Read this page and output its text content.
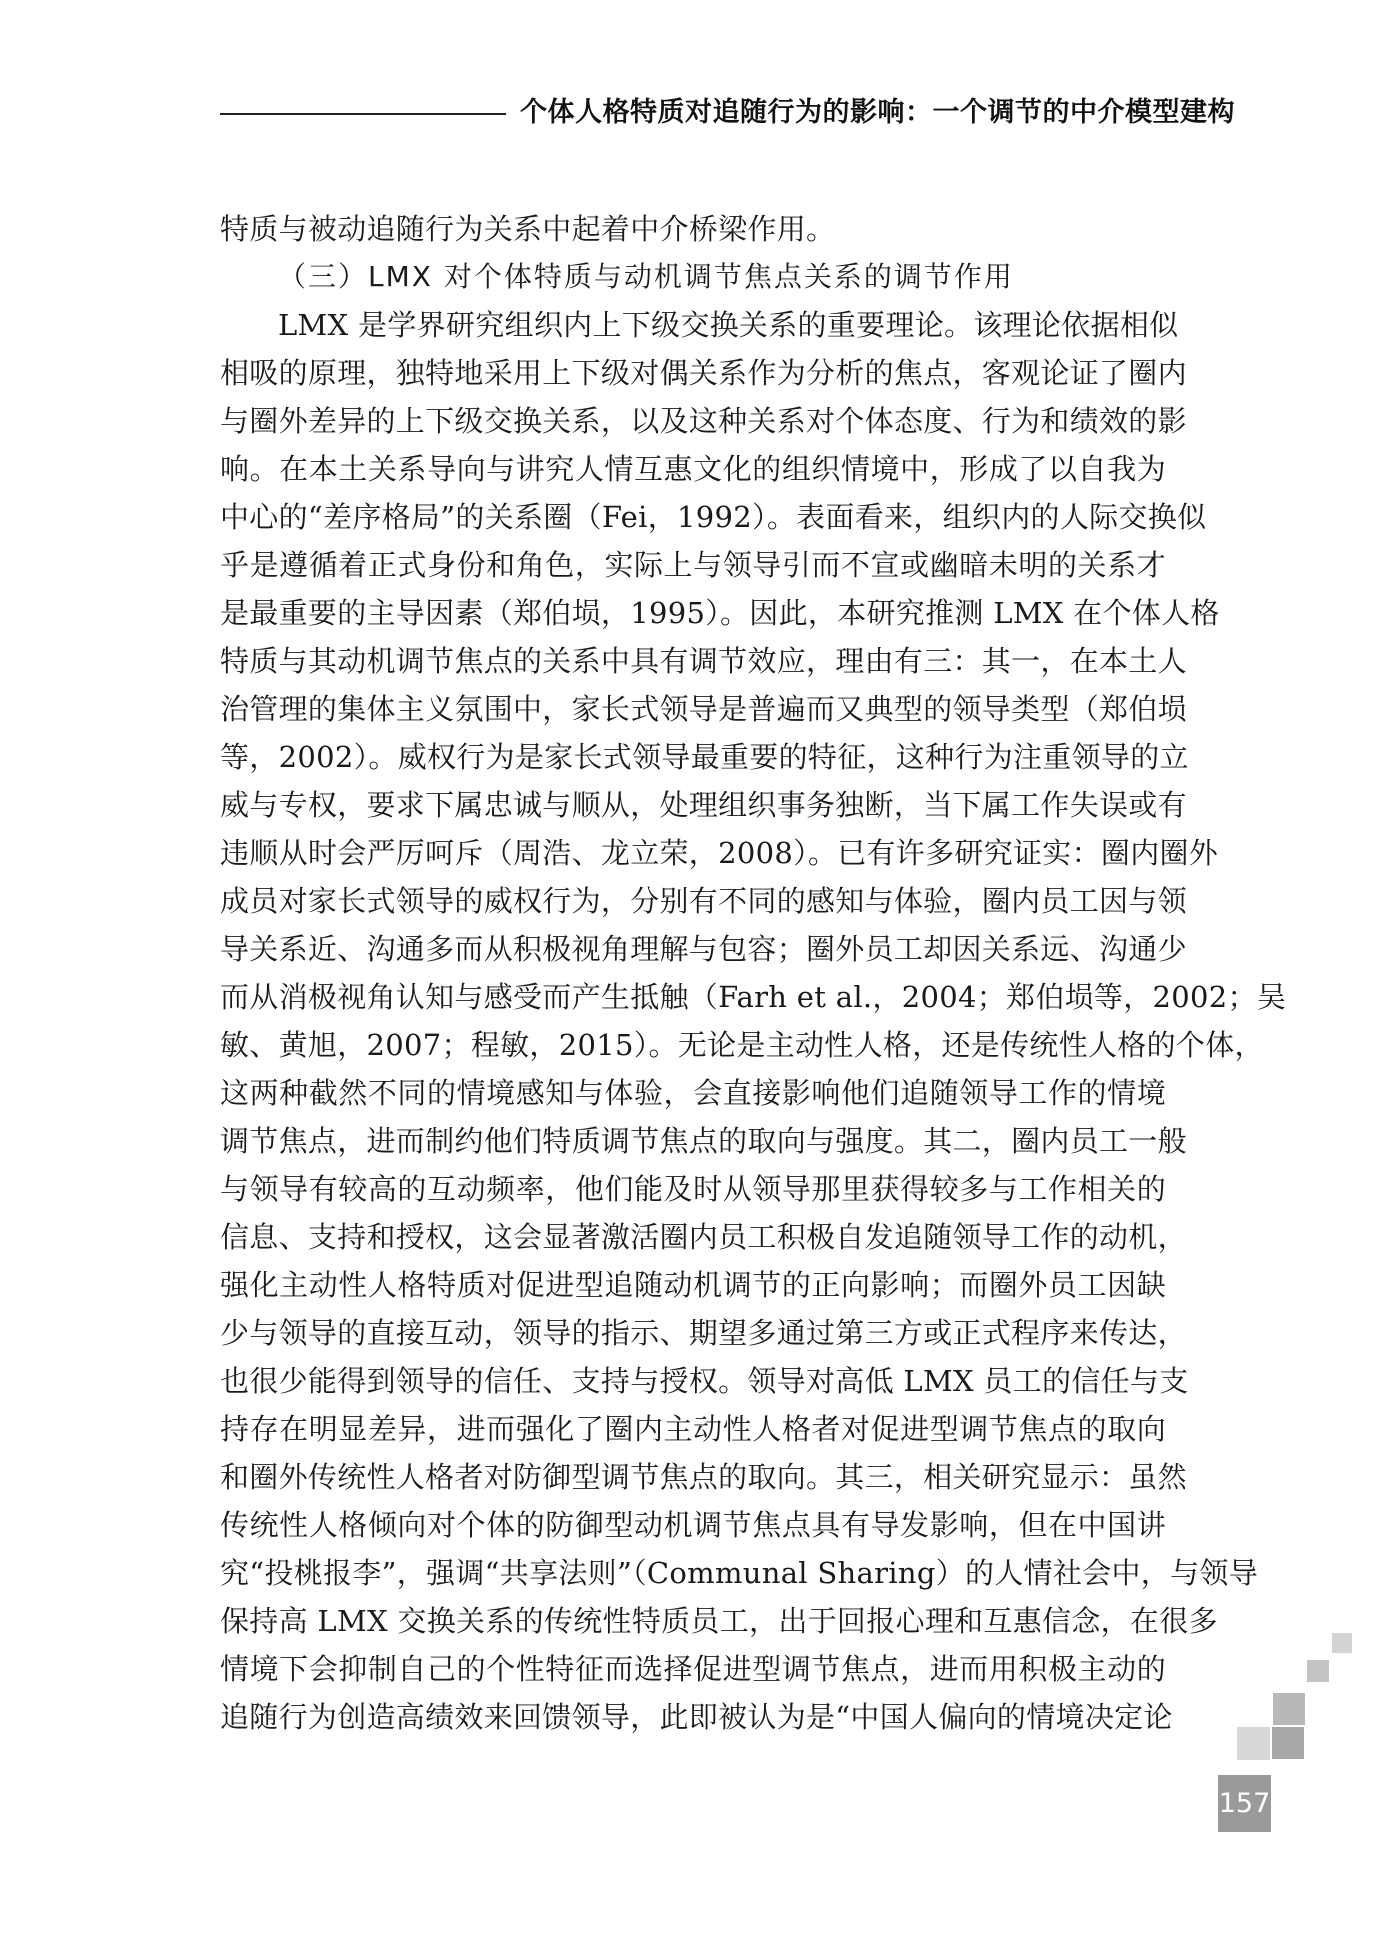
个体人格特质对追随行为的影响：一个调节的中介模型建构
特质与被动追随行为关系中起着中介桥梁作用。
（三）LMX 对个体特质与动机调节焦点关系的调节作用
LMX 是学界研究组织内上下级交换关系的重要理论。该理论依据相似
相吸的原理，独特地采用上下级对偶关系作为分析的焦点，客观论证了圈内
与圈外差异的上下级交换关系，以及这种关系对个体态度、行为和绩效的影
响。在本土关系导向与讲究人情互惠文化的组织情境中，形成了以自我为
中心的“差序格局”的关系圈（Fei，1992）。表面看来，组织内的人际交换似
乎是遵循着正式身份和角色，实际上与领导引而不宣或幽暗未明的关系才
是最重要的主导因素（郑伯埙，1995）。因此，本研究推测 LMX 在个体人格
特质与其动机调节焦点的关系中具有调节效应，理由有三：其一，在本土人
治管理的集体主义氛围中，家长式领导是普遍而又典型的领导类型（郑伯埙
等，2002）。威权行为是家长式领导最重要的特征，这种行为注重领导的立
威与专权，要求下属忠诚与顺从，处理组织事务独断，当下属工作失误或有
违顺从时会严厉呵斥（周浩、龙立荣，2008）。已有许多研究证实：圈内圈外
成员对家长式领导的威权行为，分别有不同的感知与体验，圈内员工因与领
导关系近、沟通多而从积极视角理解与包容；圈外员工却因关系远、沟通少
而从消极视角认知与感受而产生抵触（Farh et al.，2004；郑伯埙等，2002；吴
敏、黄旭，2007；程敏，2015）。无论是主动性人格，还是传统性人格的个体，
这两种截然不同的情境感知与体验，会直接影响他们追随领导工作的情境
调节焦点，进而制约他们特质调节焦点的取向与强度。其二，圈内员工一般
与领导有较高的互动频率，他们能及时从领导那里获得较多与工作相关的
信息、支持和授权，这会显著激活圈内员工积极自发追随领导工作的动机，
强化主动性人格特质对促进型追随动机调节的正向影响；而圈外员工因缺
少与领导的直接互动，领导的指示、期望多通过第三方或正式程序来传达，
也很少能得到领导的信任、支持与授权。领导对高低 LMX 员工的信任与支
持存在明显差异，进而强化了圈内主动性人格者对促进型调节焦点的取向
和圈外传统性人格者对防御型调节焦点的取向。其三，相关研究显示：虽然
传统性人格倾向对个体的防御型动机调节焦点具有导发影响，但在中国讲
究“投桃报李”，强调“共享法则”（Communal Sharing）的人情社会中，与领导
保持高 LMX 交换关系的传统性特质员工，出于回报心理和互惠信念，在很多
情境下会抑制自己的个性特征而选择促进型调节焦点，进而用积极主动的
追随行为创造高绩效来回馈领导，此即被认为是“中国人偏向的情境决定论
157
